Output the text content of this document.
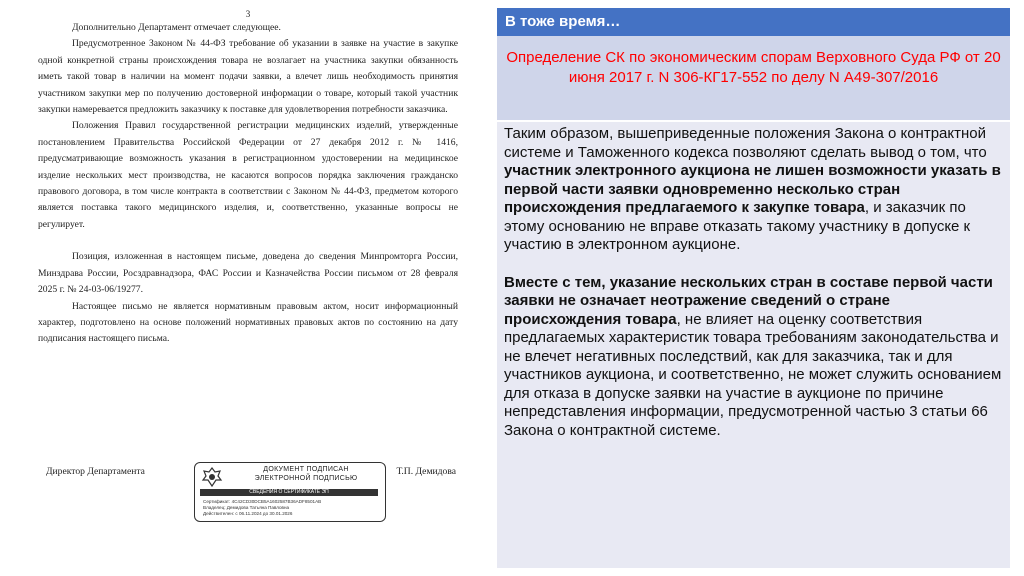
3

Дополнительно Департамент отмечает следующее.

Предусмотренное Законом № 44-ФЗ требование об указании в заявке на участие в закупке одной конкретной страны происхождения товара не возлагает на участника закупки обязанность иметь такой товар в наличии на момент подачи заявки, а влечет лишь необходимость принятия участником закупки мер по получению достоверной информации о товаре, который такой участник закупки намеревается предложить заказчику к поставке для удовлетворения потребности заказчика.

Положения Правил государственной регистрации медицинских изделий, утвержденные постановлением Правительства Российской Федерации от 27 декабря 2012 г. № 1416, предусматривающие возможность указания в регистрационном удостоверении на медицинское изделие нескольких мест производства, не касаются вопросов порядка заключения гражданско правового договора, в том числе контракта в соответствии с Законом № 44-ФЗ, предметом которого является поставка такого медицинского изделия, и, соответственно, указанные вопросы не регулирует.

Позиция, изложенная в настоящем письме, доведена до сведения Минпромторга России, Минздрава России, Росздравнадзора, ФАС России и Казначейства России письмом от 28 февраля 2025 г. № 24-03-06/19277.

Настоящее письмо не является нормативным правовым актом, носит информационный характер, подготовлено на основе положений нормативных правовых актов по состоянию на дату подписания настоящего письма.

Директор Департамента	ДОКУМЕНТ ПОДПИСАН
ЭЛЕКТРОННОЙ ПОДПИСЬЮ
СВЕДЕНИЯ О СЕРТИФИКАТЕ ЭП
Сертификат: 4C42CD30DCB5A1602587B36ADF8501AB
Владелец: Демидова Татьяна Павловна
Действителен: с 06.11.2024 до 30.01.2026
Т.П. Демидова
В тоже время…
Определение СК по экономическим спорам Верховного Суда РФ от 20 июня 2017 г. N 306-КГ17-552 по делу N А49-307/2016

Таким образом, вышеприведенные положения Закона о контрактной системе и Таможенного кодекса позволяют сделать вывод о том, что участник электронного аукциона не лишен возможности указать в первой части заявки одновременно несколько стран происхождения предлагаемого к закупке товара, и заказчик по этому основанию не вправе отказать такому участнику в допуске к участию в электронном аукционе.

Вместе с тем, указание нескольких стран в составе первой части заявки не означает неотражение сведений о стране происхождения товара, не влияет на оценку соответствия предлагаемых характеристик товара требованиям законодательства и не влечет негативных последствий, как для заказчика, так и для участников аукциона, и соответственно, не может служить основанием для отказа в допуске заявки на участие в аукционе по причине непредставления информации, предусмотренной частью 3 статьи 66 Закона о контрактной системе.
